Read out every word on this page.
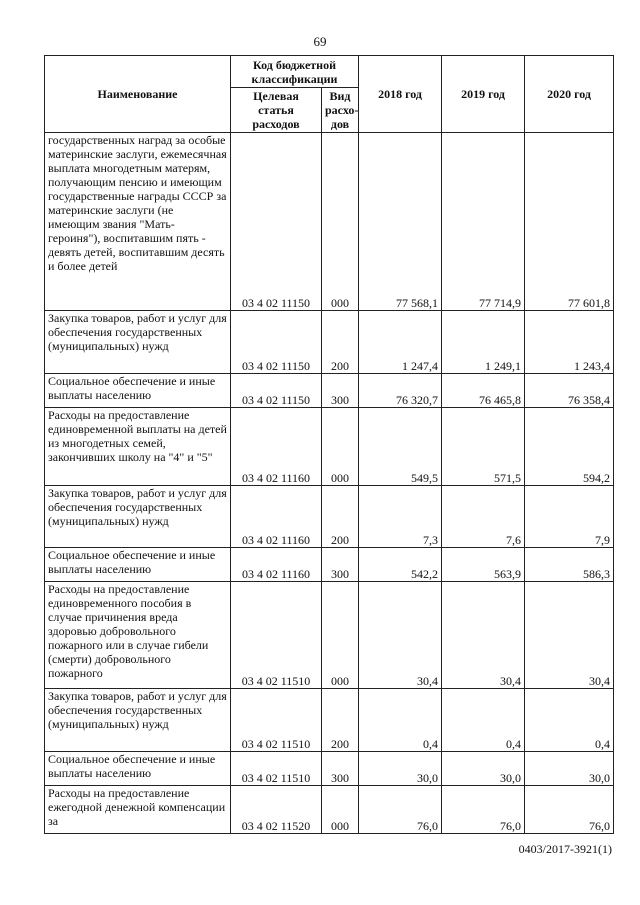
69
Наименование	Код бюджетной классификации		2018 год	2019 год	2020 год
	Целевая статья расходов	Вид расхо-дов			
государственных наград за особые материнские заслуги, ежемесячная выплата многодетным матерям, получающим пенсию и имеющим государственные награды СССР за материнские заслуги (не имеющим звания "Мать-героиня"), воспитавшим пять - девять детей, воспитавшим десять и более детей	03 4 02 11150	000	77 568,1	77 714,9	77 601,8
Закупка товаров, работ и услуг для обеспечения государственных (муниципальных) нужд	03 4 02 11150	200	1 247,4	1 249,1	1 243,4
Социальное обеспечение и иные выплаты населению	03 4 02 11150	300	76 320,7	76 465,8	76 358,4
Расходы на предоставление единовременной выплаты на детей из многодетных семей, закончивших школу на "4" и "5"	03 4 02 11160	000	549,5	571,5	594,2
Закупка товаров, работ и услуг для обеспечения государственных (муниципальных) нужд	03 4 02 11160	200	7,3	7,6	7,9
Социальное обеспечение и иные выплаты населению	03 4 02 11160	300	542,2	563,9	586,3
Расходы на предоставление единовременного пособия в случае причинения вреда здоровью добровольного пожарного или в случае гибели (смерти) добровольного пожарного	03 4 02 11510	000	30,4	30,4	30,4
Закупка товаров, работ и услуг для обеспечения государственных (муниципальных) нужд	03 4 02 11510	200	0,4	0,4	0,4
Социальное обеспечение и иные выплаты населению	03 4 02 11510	300	30,0	30,0	30,0
Расходы на предоставление ежегодной денежной компенсации за	03 4 02 11520	000	76,0	76,0	76,0
0403/2017-3921(1)
